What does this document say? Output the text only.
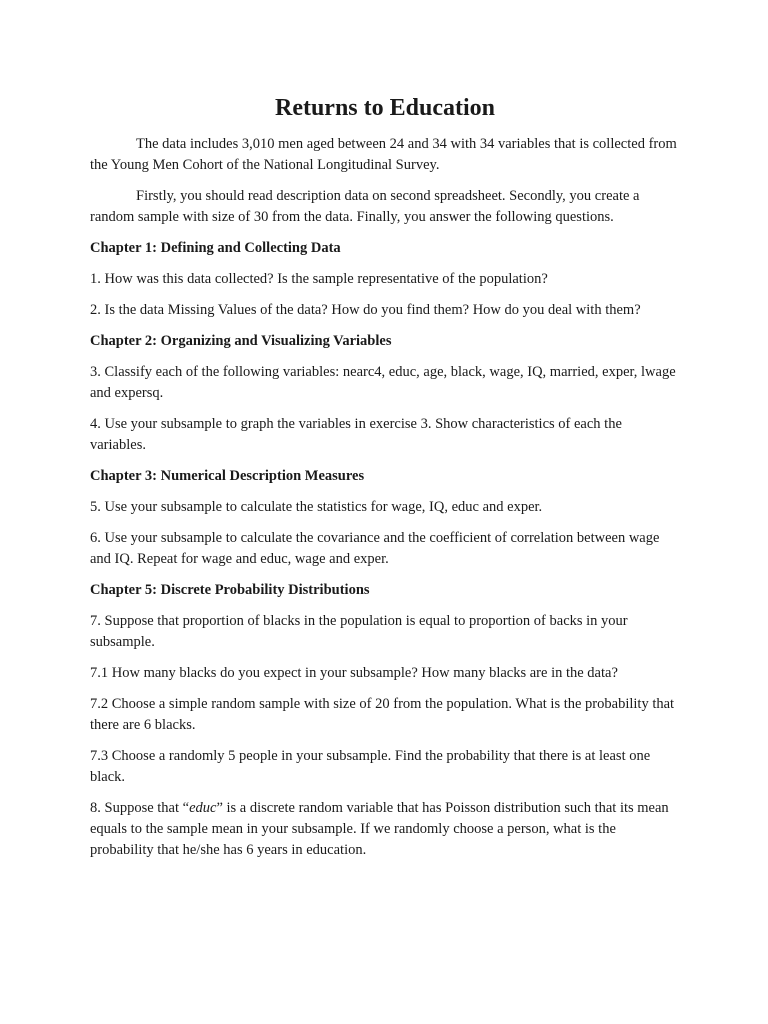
Returns to Education

The data includes 3,010 men aged between 24 and 34 with 34 variables that is collected from the Young Men Cohort of the National Longitudinal Survey.

Firstly, you should read description data on second spreadsheet. Secondly, you create a random sample with size of 30 from the data. Finally, you answer the following questions.

Chapter 1: Defining and Collecting Data

1. How was this data collected? Is the sample representative of the population?

2. Is the data Missing Values of the data? How do you find them? How do you deal with them?

Chapter 2: Organizing and Visualizing Variables

3. Classify each of the following variables: nearc4, educ, age, black, wage, IQ, married, exper, lwage and expersq.

4. Use your subsample to graph the variables in exercise 3. Show characteristics of each the variables.

Chapter 3: Numerical Description Measures

5. Use your subsample to calculate the statistics for wage, IQ, educ and exper.

6. Use your subsample to calculate the covariance and the coefficient of correlation between wage and IQ. Repeat for wage and educ, wage and exper.

Chapter 5: Discrete Probability Distributions

7. Suppose that proportion of blacks in the population is equal to proportion of backs in your subsample.

7.1 How many blacks do you expect in your subsample? How many blacks are in the data?

7.2 Choose a simple random sample with size of 20 from the population. What is the probability that there are 6 blacks.

7.3 Choose a randomly 5 people in your subsample. Find the probability that there is at least one black.

8. Suppose that “educ” is a discrete random variable that has Poisson distribution such that its mean equals to the sample mean in your subsample. If we randomly choose a person, what is the probability that he/she has 6 years in education.
